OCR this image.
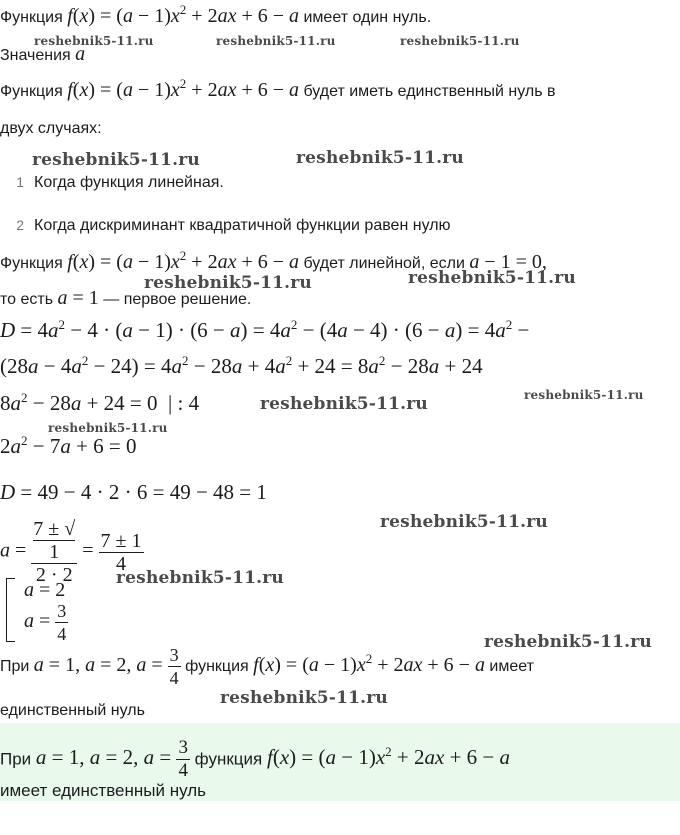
Функция $f(x) = (a - 1)x^2 + 2ax + 6 - a$ имеет один нуль.
reshebnik5-11.ru	reshebnik5-11.ru	reshebnik5-11.ru
Значения a
Функция $f(x) = (a - 1)x^2 + 2ax + 6 - a$ будет иметь единственный нуль в
двух случаях:
reshebnik5-11.ru	reshebnik5-11.ru
1 Когда функция линейная.
2 Когда дискриминант квадратичной функции равен нулю
Функция $f(x) = (a - 1)x^2 + 2ax + 6 - a$ будет линейной, если a − 1 = 0,
reshebnik5-11.ru	reshebnik5-11.ru
то есть a = 1 — первое решение.
$D = 4a^2 - 4 \cdot (a - 1) \cdot (6 - a) = 4a^2 - (4a - 4) \cdot (6 - a) = 4a^2$ −
$(28a - 4a^2 - 24) = 4a^2 - 28a + 4a^2 + 24 = 8a^2 - 28a + 24$
reshebnik5-11.ru
$8a^2 - 28a + 24 = 0$  | : 4	reshebnik5-11.ru
reshebnik5-11.ru
$2a^2 - 7a + 6 = 0$
D = 49 − 4 · 2 · 6 = 49 − 48 = 1
a = 7 ± √
1
$2 \cdot 2 = \frac{7 \pm 1}{4}$
reshebnik5-11.ru
a = 2
$a = \frac{3}{4}$
reshebnik5-11.ru
reshebnik5-11.ru
При a = 1, a = 2, $a = \frac{3}{4}$ функция $f(x) = (a - 1)x^2 + 2ax + 6 - a$ имеет
reshebnik5-11.ru
единственный нуль
При a = 1, a = 2, $a = \frac{3}{4}$ функция $f(x) = (a - 1)x^2 + 2ax + 6 - a$
имеет единственный нуль
